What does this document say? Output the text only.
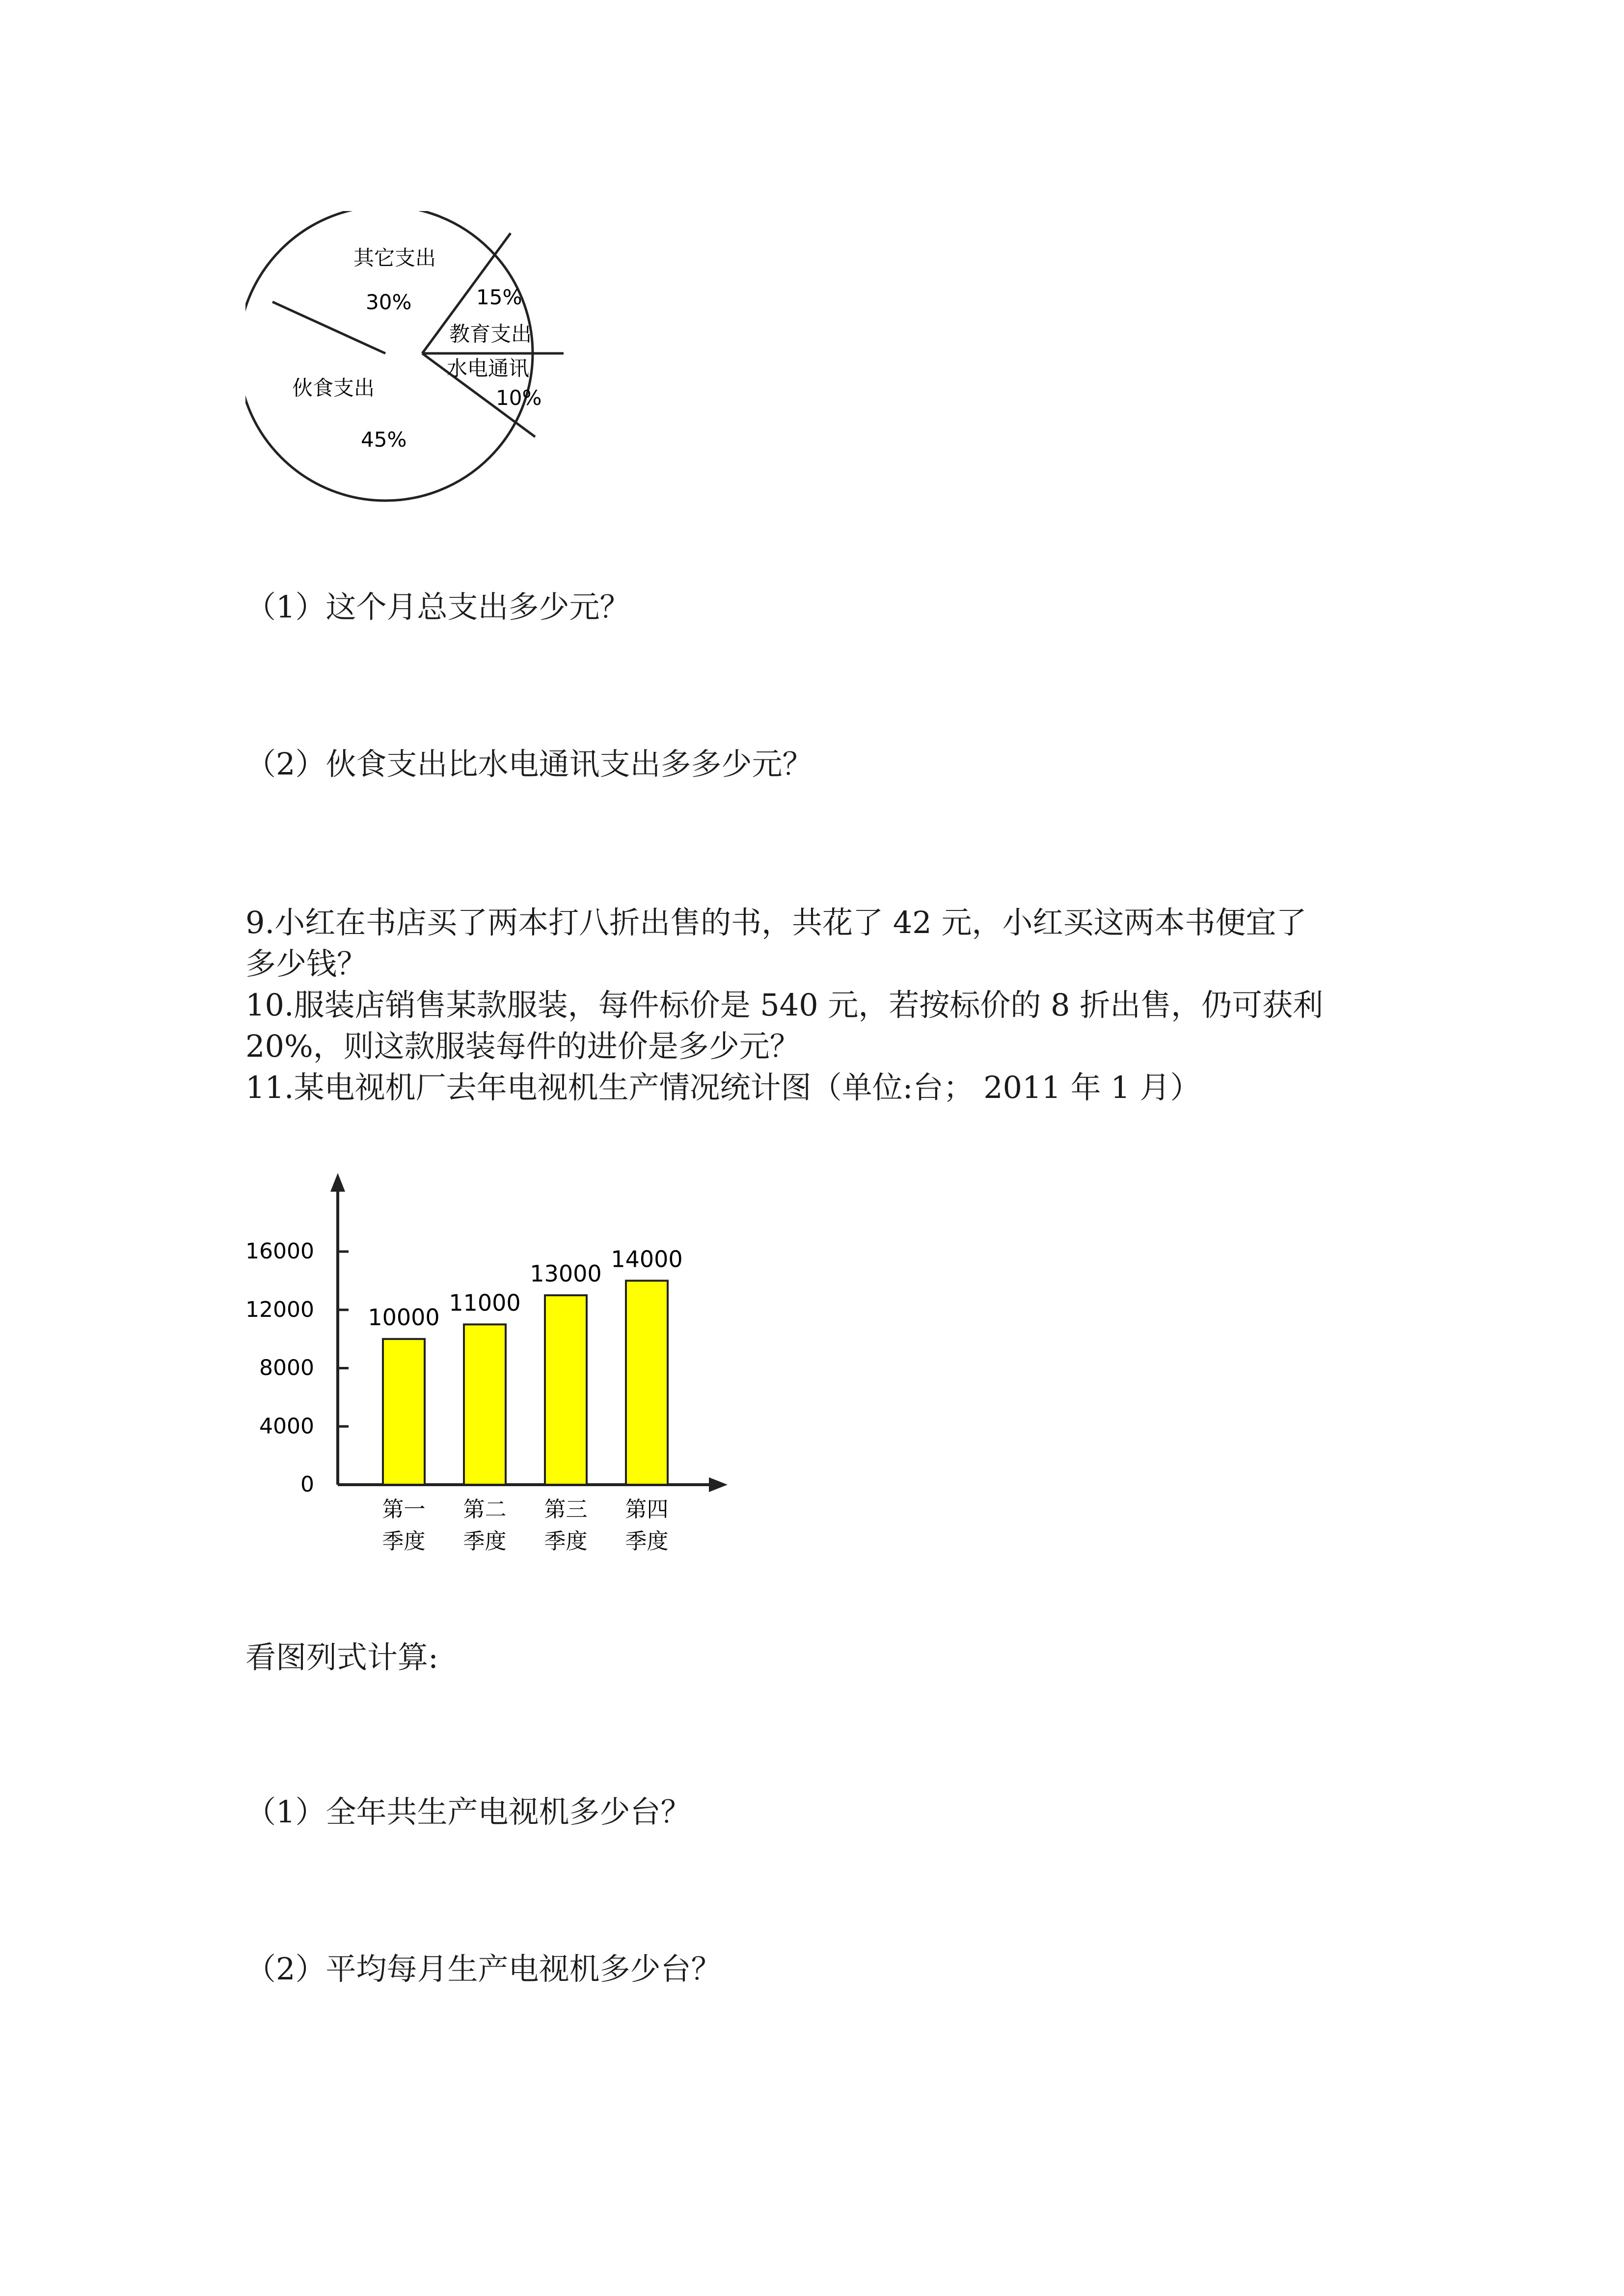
其它支出
30%	15%
教育支出
水电通讯
10%
伙食支出
45%
（1）这个月总支出多少元？
（2）伙食支出比水电通讯支出多多少元？
9.小红在书店买了两本打八折出售的书，共花了 42 元，小红买这两本书便宜了
多少钱？
10.服装店销售某款服装，每件标价是 540 元，若按标价的 8 折出售，仍可获利
20%，则这款服装每件的进价是多少元？
11.某电视机厂去年电视机生产情况统计图（单位:台； 2011 年 1 月）
0
4000
8000
12000
16000
10000
第一
季度
11000
第二
季度
13000
第三
季度
14000
第四
季度
看图列式计算:
（1）全年共生产电视机多少台？
（2）平均每月生产电视机多少台？
